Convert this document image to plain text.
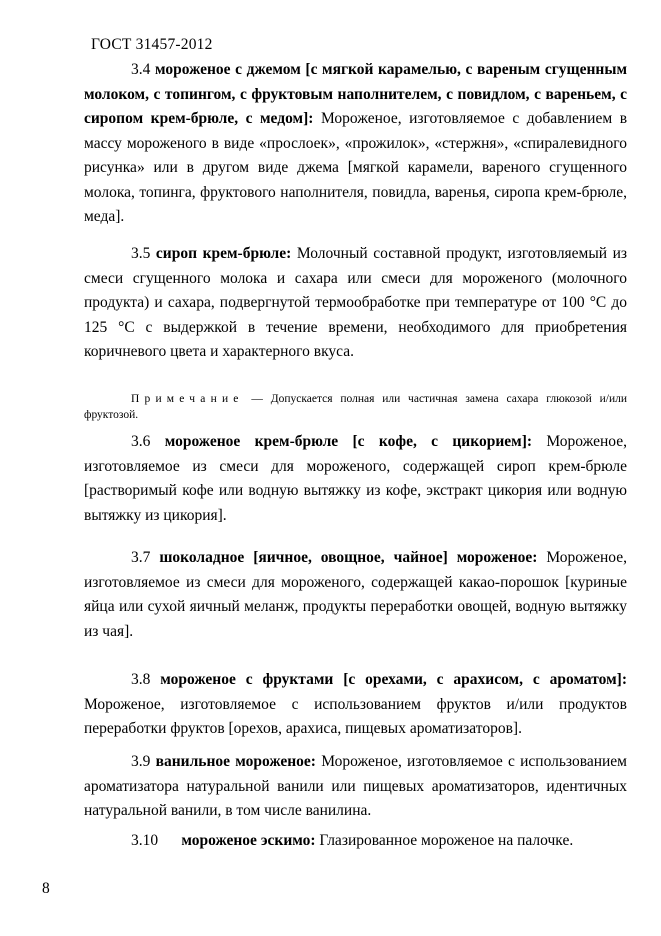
ГОСТ 31457-2012

3.4 мороженое с джемом [с мягкой карамелью, с вареным сгущенным молоком, с топингом, с фруктовым наполнителем, с повидлом, с вареньем, с сиропом крем-брюле, с медом]: Мороженое, изготовляемое с добавлением в массу мороженого в виде «прослоек», «прожилок», «стержня», «спиралевидного рисунка» или в другом виде джема [мягкой карамели, вареного сгущенного молока, топинга, фруктового наполнителя, повидла, варенья, сиропа крем-брюле, меда].

3.5 сироп крем-брюле: Молочный составной продукт, изготовляемый из смеси сгущенного молока и сахара или смеси для мороженого (молочного продукта) и сахара, подвергнутой термообработке при температуре от 100 °С до 125 °С с выдержкой в течение времени, необходимого для приобретения коричневого цвета и характерного вкуса.

Примечание — Допускается полная или частичная замена сахара глюкозой и/или фруктозой.

3.6 мороженое крем-брюле [с кофе, с цикорием]: Мороженое, изготовляемое из смеси для мороженого, содержащей сироп крем-брюле [растворимый кофе или водную вытяжку из кофе, экстракт цикория или водную вытяжку из цикория].

3.7 шоколадное [яичное, овощное, чайное] мороженое: Мороженое, изготовляемое из смеси для мороженого, содержащей какао-порошок [куриные яйца или сухой яичный меланж, продукты переработки овощей, водную вытяжку из чая].

3.8 мороженое с фруктами [с орехами, с арахисом, с ароматом]: Мороженое, изготовляемое с использованием фруктов и/или продуктов переработки фруктов [орехов, арахиса, пищевых ароматизаторов].

3.9 ванильное мороженое: Мороженое, изготовляемое с использованием ароматизатора натуральной ванили или пищевых ароматизаторов, идентичных натуральной ванили, в том числе ванилина.

3.10 мороженое эскимо: Глазированное мороженое на палочке.

8
